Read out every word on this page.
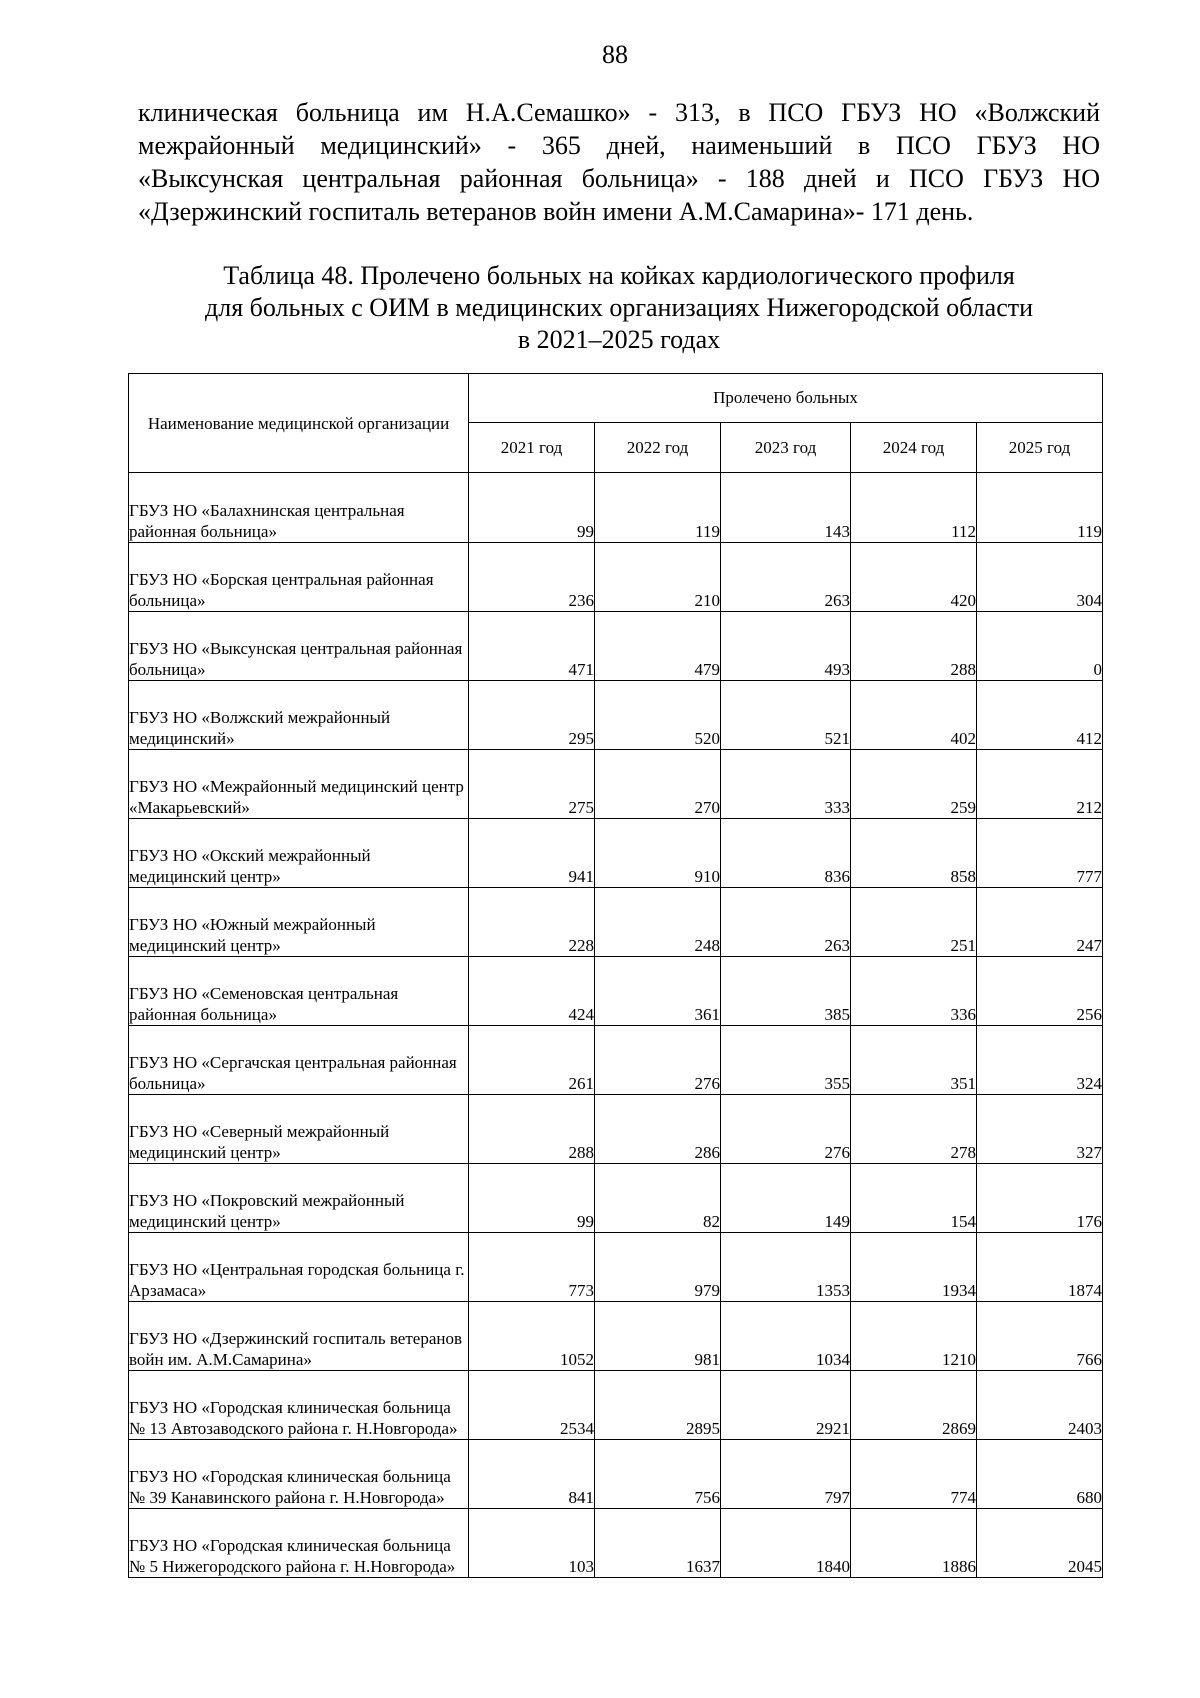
88
клиническая больница им Н.А.Семашко» - 313, в ПСО ГБУЗ НО «Волжский
межрайонный медицинский» - 365 дней, наименьший в ПСО ГБУЗ НО
«Выксунская центральная районная больница» - 188 дней и ПСО ГБУЗ НО
«Дзержинский госпиталь ветеранов войн имени А.М.Самарина»- 171 день.
Таблица 48. Пролечено больных на койках кардиологического профиля
для больных с ОИМ в медицинских организациях Нижегородской области
в 2021–2025 годах
Наименование медицинской организации	Пролечено больных				
	2021 год	2022 год	2023 год	2024 год	2025 год
ГБУЗ НО «Балахнинская центральная районная больница»	99	119	143	112	119
ГБУЗ НО «Борская центральная районная больница»	236	210	263	420	304
ГБУЗ НО «Выксунская центральная районная больница»	471	479	493	288	0
ГБУЗ НО «Волжский межрайонный медицинский»	295	520	521	402	412
ГБУЗ НО «Межрайонный медицинский центр «Макарьевский»	275	270	333	259	212
ГБУЗ НО «Окский межрайонный медицинский центр»	941	910	836	858	777
ГБУЗ НО «Южный межрайонный медицинский центр»	228	248	263	251	247
ГБУЗ НО «Семеновская центральная районная больница»	424	361	385	336	256
ГБУЗ НО «Сергачская центральная районная больница»	261	276	355	351	324
ГБУЗ НО «Северный межрайонный медицинский центр»	288	286	276	278	327
ГБУЗ НО «Покровский межрайонный медицинский центр»	99	82	149	154	176
ГБУЗ НО «Центральная городская больница г. Арзамаса»	773	979	1353	1934	1874
ГБУЗ НО «Дзержинский госпиталь ветеранов войн им. А.М.Самарина»	1052	981	1034	1210	766
ГБУЗ НО «Городская клиническая больница № 13 Автозаводского района г. Н.Новгорода»	2534	2895	2921	2869	2403
ГБУЗ НО «Городская клиническая больница № 39 Канавинского района г. Н.Новгорода»	841	756	797	774	680
ГБУЗ НО «Городская клиническая больница № 5 Нижегородского района г. Н.Новгорода»	103	1637	1840	1886	2045
